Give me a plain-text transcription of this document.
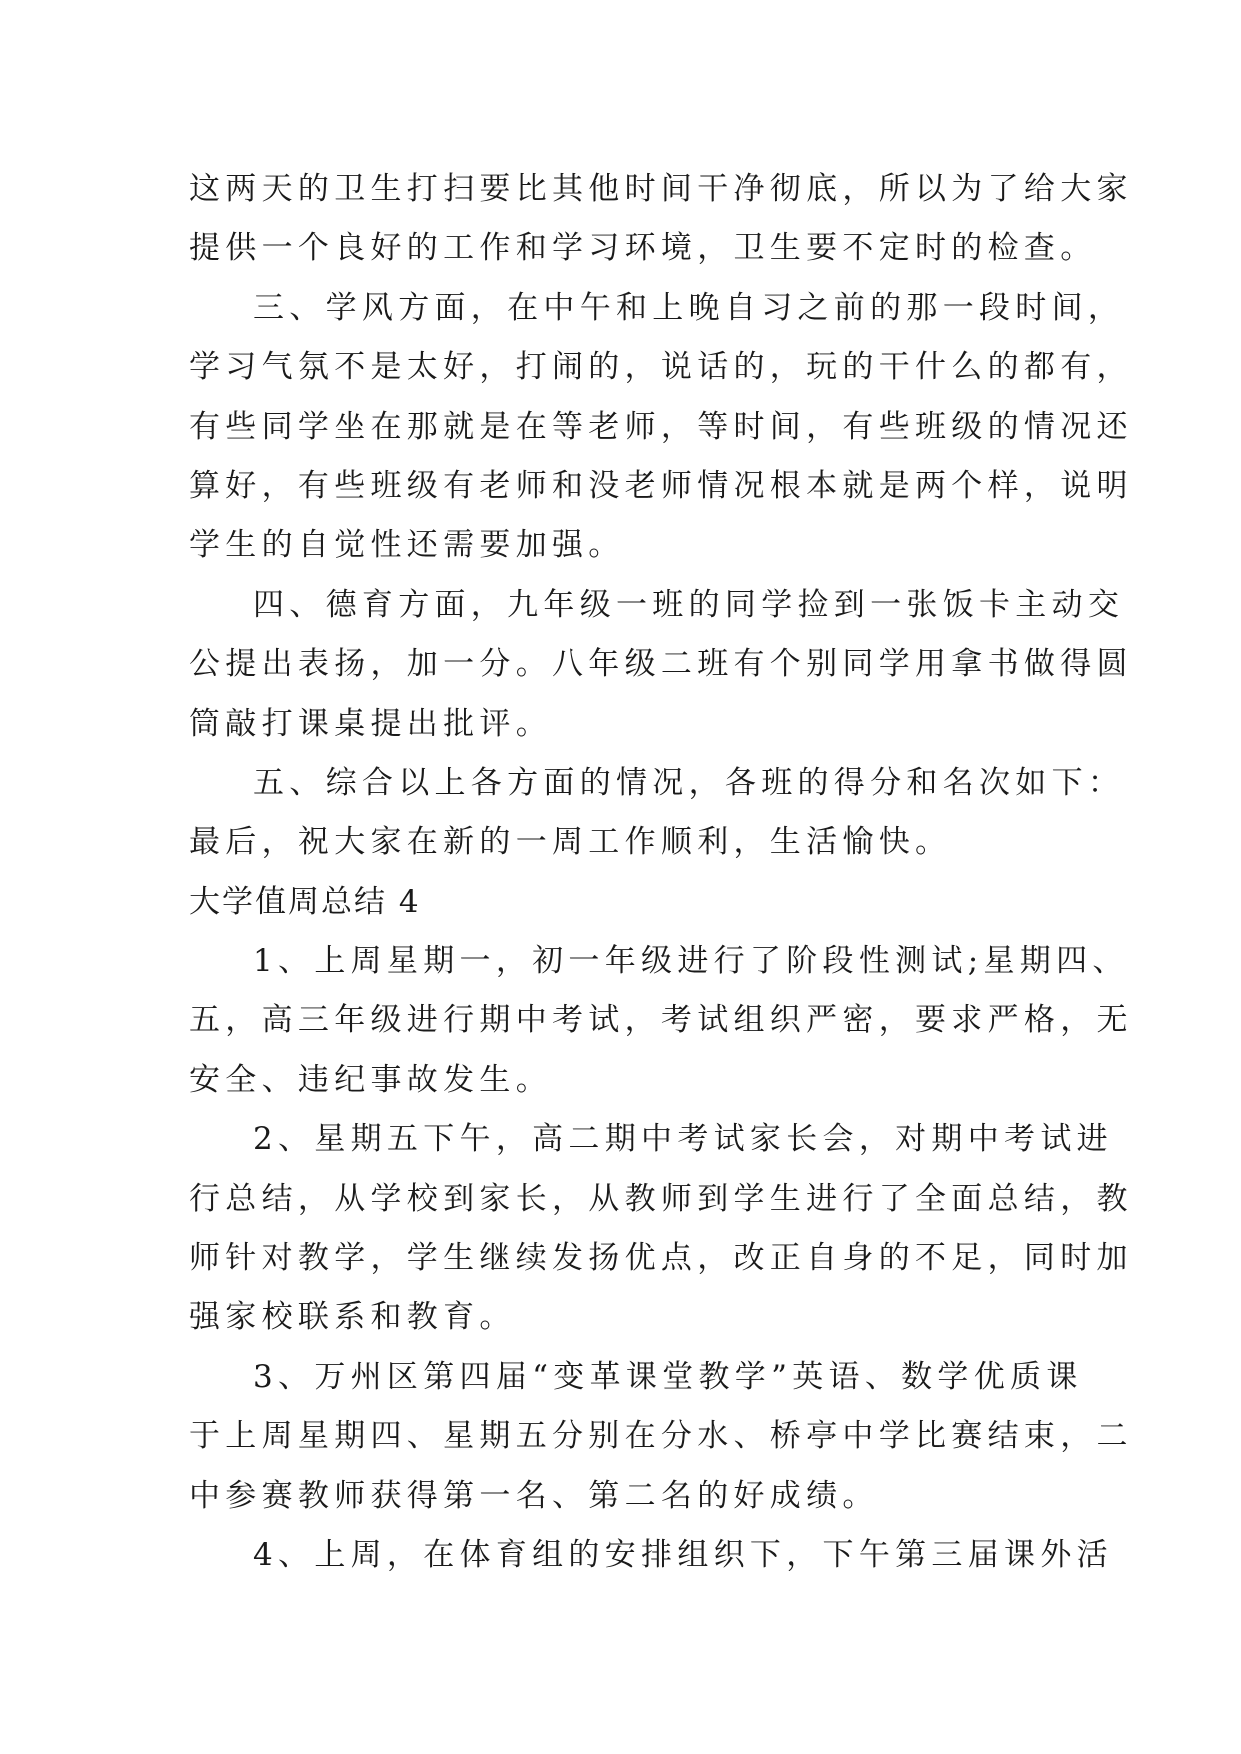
这两天的卫生打扫要比其他时间干净彻底，所以为了给大家
提供一个良好的工作和学习环境，卫生要不定时的检查。
三、学风方面，在中午和上晚自习之前的那一段时间，
学习气氛不是太好，打闹的，说话的，玩的干什么的都有，
有些同学坐在那就是在等老师，等时间，有些班级的情况还
算好，有些班级有老师和没老师情况根本就是两个样，说明
学生的自觉性还需要加强。
四、德育方面，九年级一班的同学捡到一张饭卡主动交
公提出表扬，加一分。八年级二班有个别同学用拿书做得圆
筒敲打课桌提出批评。
五、综合以上各方面的情况，各班的得分和名次如下：
最后，祝大家在新的一周工作顺利，生活愉快。
大学值周总结 4
1、上周星期一，初一年级进行了阶段性测试;星期四、
五，高三年级进行期中考试，考试组织严密，要求严格，无
安全、违纪事故发生。
2、星期五下午，高二期中考试家长会，对期中考试进
行总结，从学校到家长，从教师到学生进行了全面总结，教
师针对教学，学生继续发扬优点，改正自身的不足，同时加
强家校联系和教育。
3、万州区第四届“变革课堂教学”英语、数学优质课
于上周星期四、星期五分别在分水、桥亭中学比赛结束，二
中参赛教师获得第一名、第二名的好成绩。
4、上周，在体育组的安排组织下，下午第三届课外活
